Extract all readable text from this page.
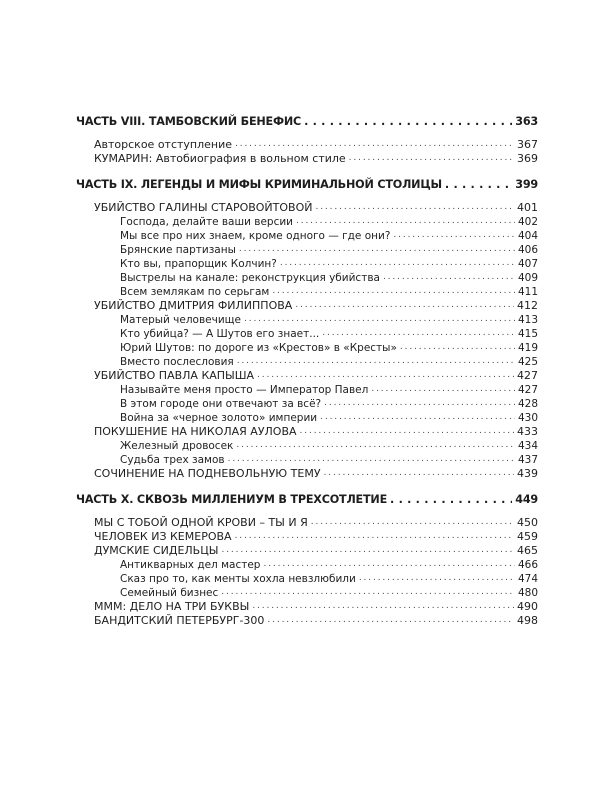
ЧАСТЬ VIII. ТАМБОВСКИЙ БЕНЕФИС . . .	363
Авторское отступление . . .	367
КУМАРИН: Автобиография в вольном стиле . . .	369
ЧАСТЬ IX. ЛЕГЕНДЫ И МИФЫ КРИМИНАЛЬНОЙ СТОЛИЦЫ . . .	399
УБИЙСТВО ГАЛИНЫ СТАРОВОЙТОВОЙ . . .	401
Господа, делайте ваши версии . . .	402
Мы все про них знаем, кроме одного — где они? . . .	404
Брянские партизаны . . .	406
Кто вы, прапорщик Колчин? . . .	407
Выстрелы на канале: реконструкция убийства . . .	409
Всем землякам по серьгам . . .	411
УБИЙСТВО ДМИТРИЯ ФИЛИППОВА . . .	412
Матерый человечище . . .	413
Кто убийца? — А Шутов его знает... . . .	415
Юрий Шутов: по дороге из «Крестов» в «Кресты» . . .	419
Вместо послесловия . . .	425
УБИЙСТВО ПАВЛА КАПЫША . . .	427
Называйте меня просто — Император Павел . . .	427
В этом городе они отвечают за всё? . . .	428
Война за «черное золото» империи . . .	430
ПОКУШЕНИЕ НА НИКОЛАЯ АУЛОВА . . .	433
Железный дровосек . . .	434
Судьба трех замов . . .	437
СОЧИНЕНИЕ НА ПОДНЕВОЛЬНУЮ ТЕМУ . . .	439
ЧАСТЬ X. СКВОЗЬ МИЛЛЕНИУМ В ТРЕХСОТЛЕТИЕ . . .	449
МЫ С ТОБОЙ ОДНОЙ КРОВИ – ТЫ И Я . . .	450
ЧЕЛОВЕК ИЗ КЕМЕРОВА . . .	459
ДУМСКИЕ СИДЕЛЬЦЫ . . .	465
Антикварных дел мастер . . .	466
Сказ про то, как менты хохла невзлюбили . . .	474
Семейный бизнес . . .	480
МММ: ДЕЛО НА ТРИ БУКВЫ . . .	490
БАНДИТСКИЙ ПЕТЕРБУРГ-300 . . .	498
